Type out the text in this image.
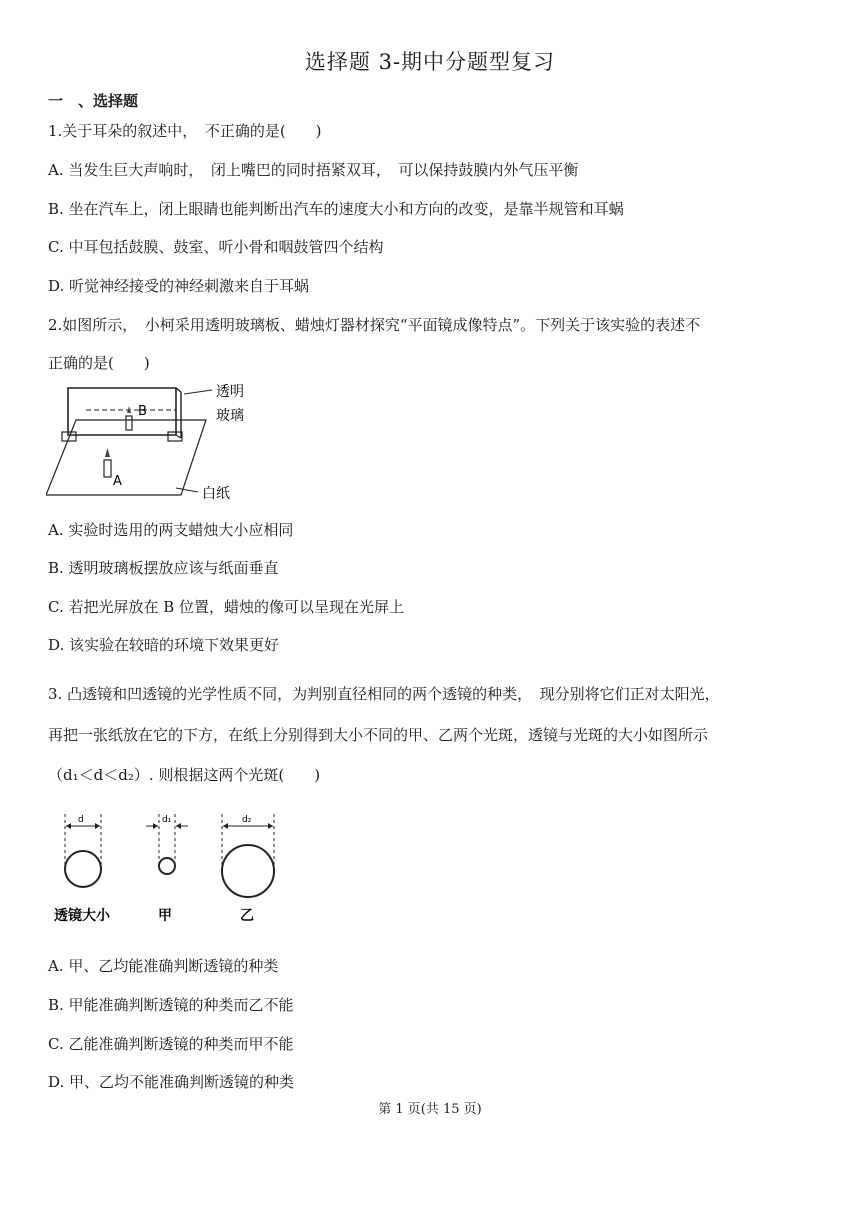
选择题 3-期中分题型复习
一　、选择题
1.关于耳朵的叙述中，　不正确的是(　　)
A. 当发生巨大声响时，　闭上嘴巴的同时捂紧双耳，　可以保持鼓膜内外气压平衡
B. 坐在汽车上，闭上眼睛也能判断出汽车的速度大小和方向的改变，是靠半规管和耳蜗
C. 中耳包括鼓膜、鼓室、听小骨和咽鼓管四个结构
D. 听觉神经接受的神经刺激来自于耳蜗
2.如图所示，　小柯采用透明玻璃板、蜡烛灯器材探究“平面镜成像特点”。下列关于该实验的表述不
正确的是(　　)
B
A
透明
玻璃
白纸
A. 实验时选用的两支蜡烛大小应相同
B. 透明玻璃板摆放应该与纸面垂直
C. 若把光屏放在 B 位置，蜡烛的像可以呈现在光屏上
D. 该实验在较暗的环境下效果更好
3. 凸透镜和凹透镜的光学性质不同，为判别直径相同的两个透镜的种类，　现分别将它们正对太阳光，
再把一张纸放在它的下方，在纸上分别得到大小不同的甲、乙两个光斑，透镜与光斑的大小如图所示
（d₁＜d＜d₂）. 则根据这两个光斑(　　)
d	d₁	d₂
透镜大小	甲	乙
A. 甲、乙均能准确判断透镜的种类
B. 甲能准确判断透镜的种类而乙不能
C. 乙能准确判断透镜的种类而甲不能
D. 甲、乙均不能准确判断透镜的种类
第 1 页(共 15 页)
